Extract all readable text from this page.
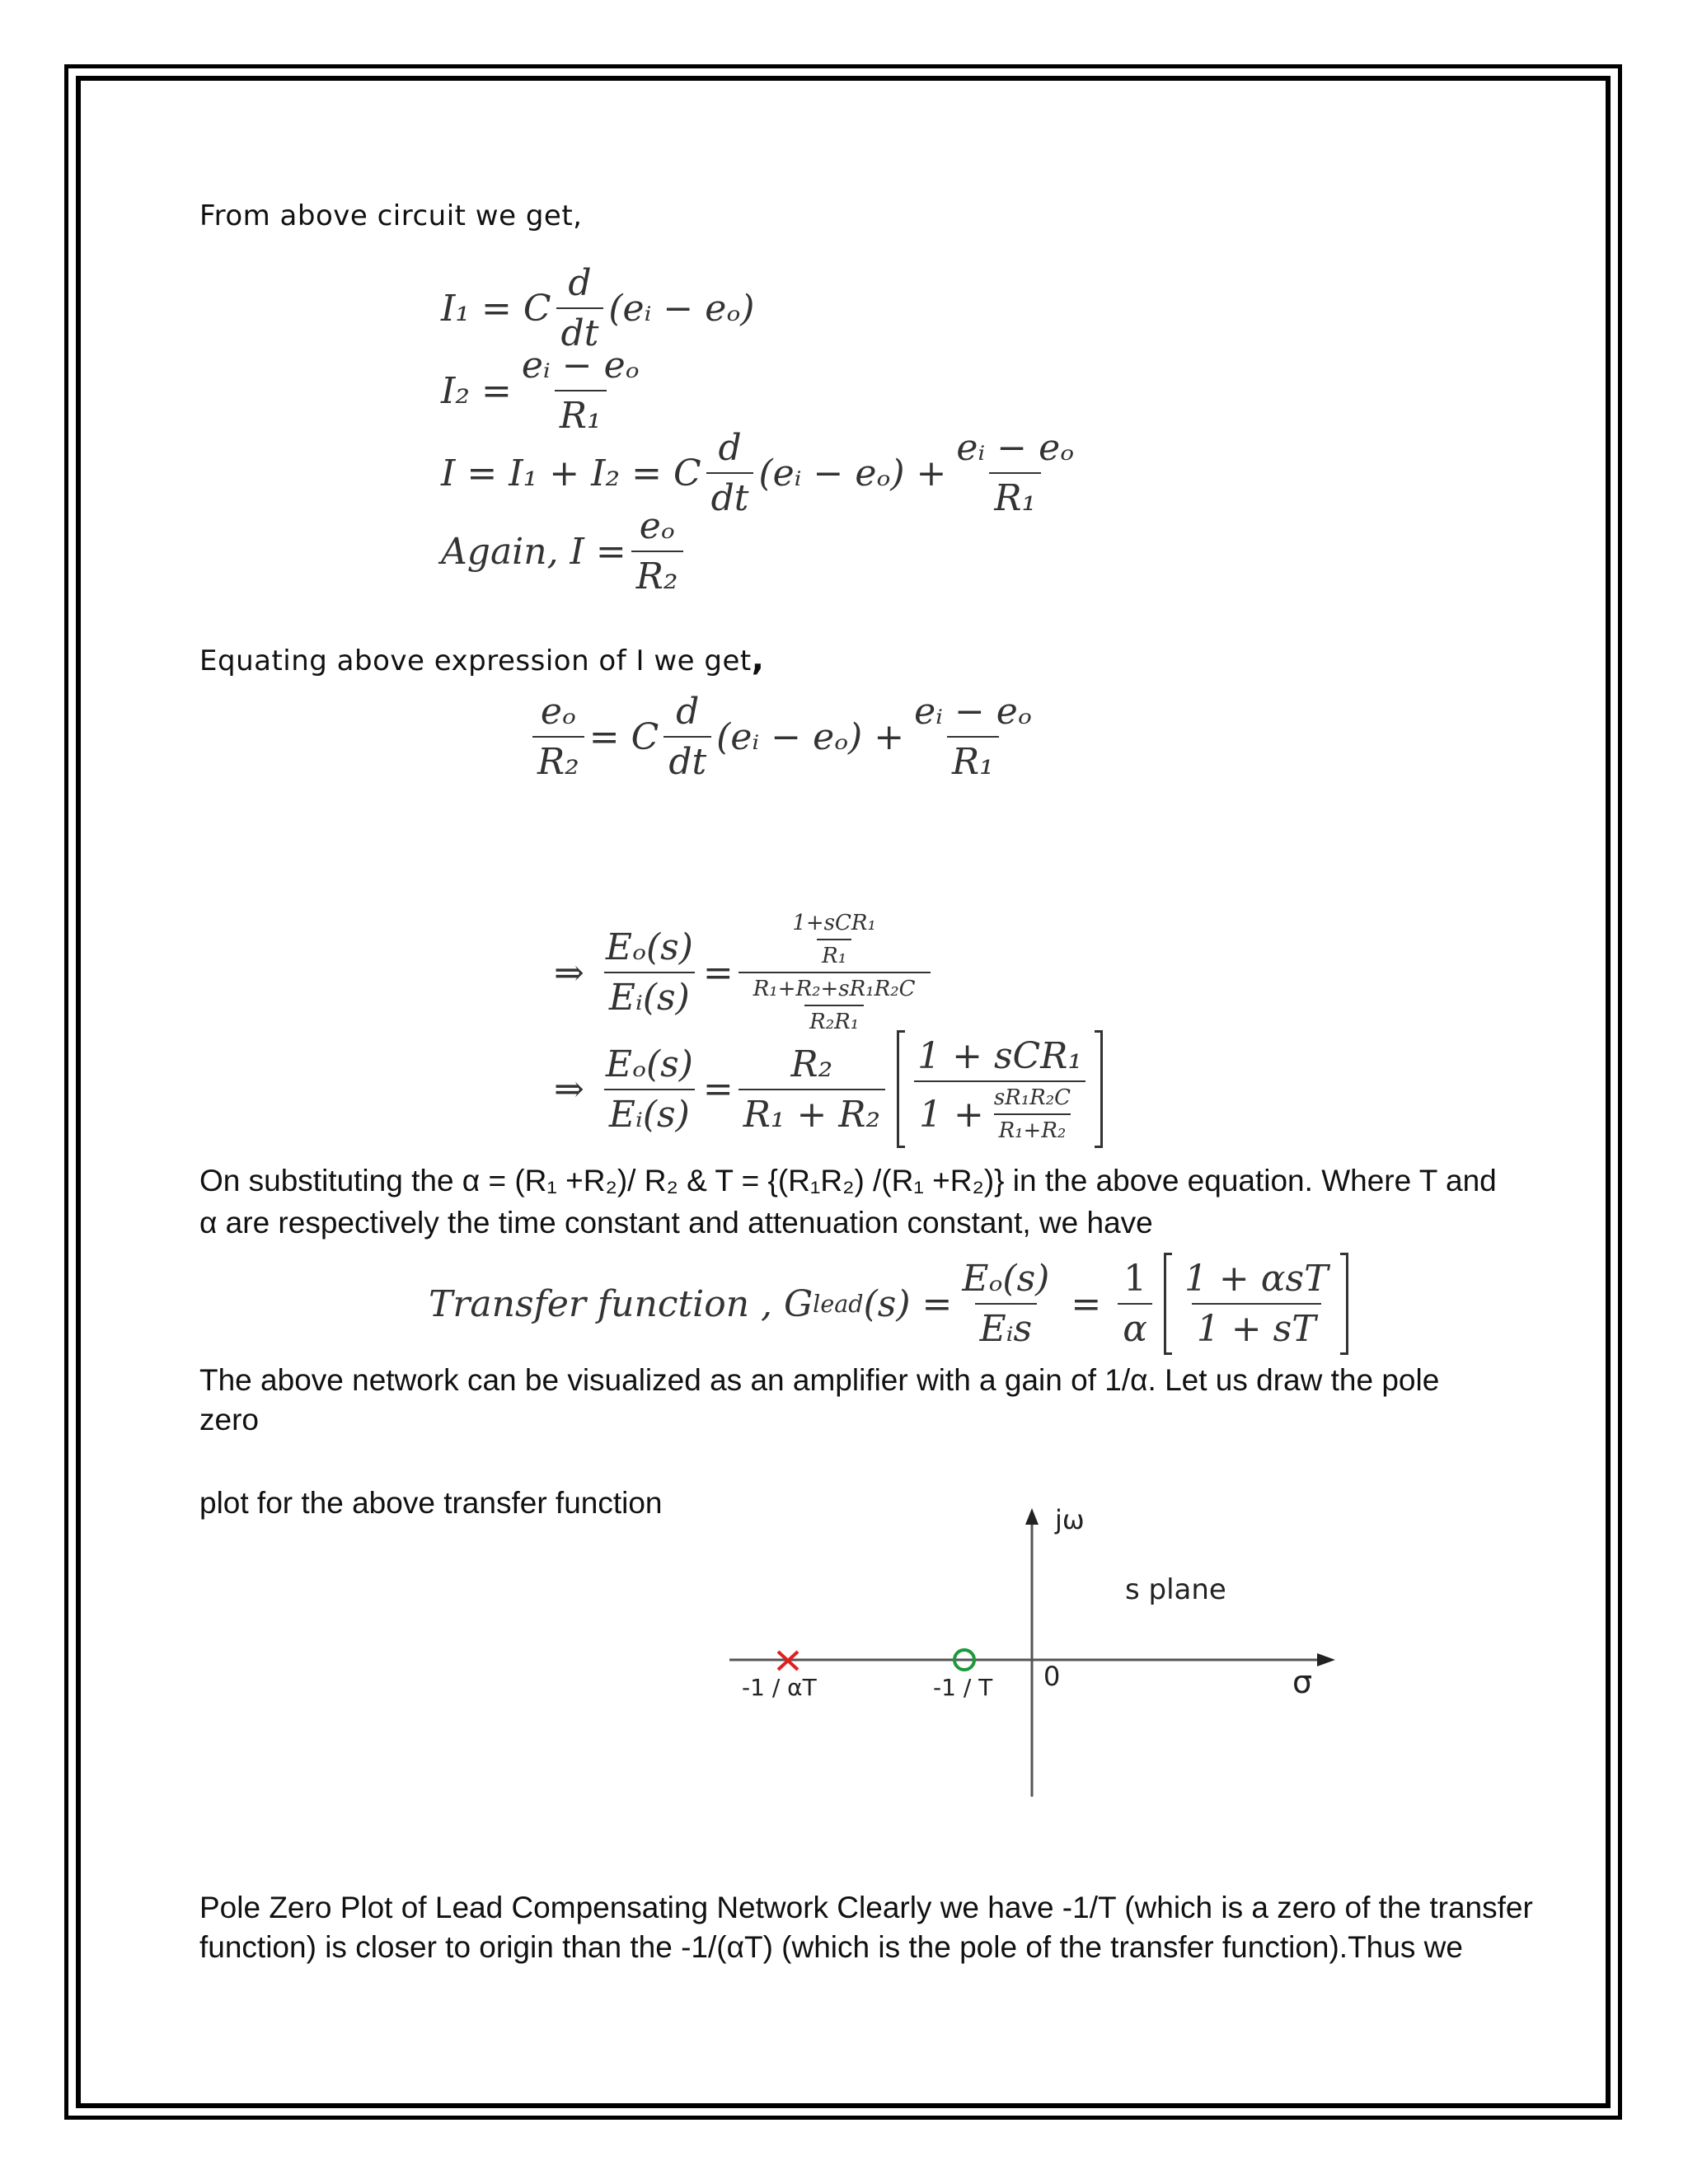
From above circuit we get,
I₁ = C $\frac{d}{dt}$ (eᵢ − eₒ)
$I_2 = \frac{\text{eᵢ − eₒ}}{\text{R₁}}$
I = I₁ + I₂ = C $\frac{d}{dt}$ (eᵢ − $e_o) + \frac{\text{eᵢ − eₒ}}{\text{R₁}}$
Again, $I = \frac{\text{eₒ}}{\text{R₂}}$
Equating above expression of I we get,
$\frac{\text{eₒ}}{\text{R₂}} = C \frac{d}{dt}$ (eᵢ − $e_o) + \frac{\text{eᵢ − eₒ}}{\text{R₁}}$
⇒ $\frac{\text{Eₒ(s)}}{\text{Eᵢ(s)}} = \frac{\frac{\text{1+sCR₁}}{\text{R₁}}}{\frac{\text{R₁+R₂+sR₁R₂C}}{\text{R₂R₁}}}$
⇒ $\frac{\text{Eₒ(s)}}{\text{Eᵢ(s)}} = \frac{\text{R₂}}{\text{R₁ + R₂}} \frac{\text{1 + sCR₁}}{1 + \frac{\text{sR₁R₂C}}{\text{R₁+R₂}}}$
On substituting the α = (R₁ +R₂)/ R₂ & T = {(R₁R₂) /(R₁ +R₂)} in the above equation. Where T and
α are respectively the time constant and attenuation constant, we have
Transfer function , G lead $(s) = \frac{\text{Eₒ(s)}}{\text{Eᵢs}} = \frac{1}{\alpha} \frac{\text{1 + αsT}}{1 + sT}$
The above network can be visualized as an amplifier with a gain of 1/α. Let us draw the pole
zero
plot for the above transfer function	jω
s plane
0	σ
-1 / αT	-1 / T
Pole Zero Plot of Lead Compensating Network Clearly we have -1/T (which is a zero of the transfer
function) is closer to origin than the -1/(αT) (which is the pole of the transfer function).Thus we
